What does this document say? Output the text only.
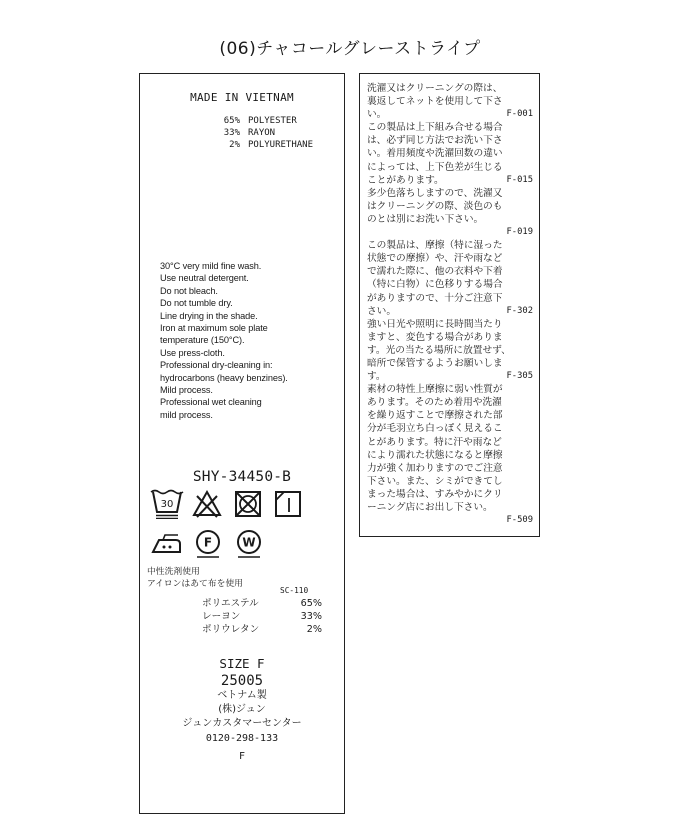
(06)チャコールグレーストライプ
MADE IN VIETNAM
65% POLYESTER
33% RAYON
2% POLYURETHANE
30°C very mild fine wash.
Use neutral detergent.
Do not bleach.
Do not tumble dry.
Line drying in the shade.
Iron at maximum sole plate
temperature (150°C).
Use press-cloth.
Professional dry-cleaning in:
hydrocarbons (heavy benzines).
Mild process.
Professional wet cleaning
mild process.
SHY-34450-B
30
F	W
中性洗剤使用
アイロンはあて布を使用
SC-110
ポリエステル	65%
レーヨン	33%
ポリウレタン	2%
SIZE F
25005
ベトナム製
(株)ジュン
ジュンカスタマーセンター
0120-298-133
F
洗濯又はクリーニングの際は、
裏返してネットを使用して下さ
い。	F-001
この製品は上下組み合せる場合
は、必ず同じ方法でお洗い下さ
い。着用頻度や洗濯回数の違い
によっては、上下色差が生じる
ことがあります。	F-015
多少色落ちしますので、洗濯又
はクリーニングの際、淡色のも
のとは別にお洗い下さい。
F-019
この製品は、摩擦（特に湿った
状態での摩擦）や、汗や雨など
で濡れた際に、他の衣料や下着
（特に白物）に色移りする場合
がありますので、十分ご注意下
さい。	F-302
強い日光や照明に長時間当たり
ますと、変色する場合がありま
す。光の当たる場所に放置せず、
暗所で保管するようお願いしま
す。	F-305
素材の特性上摩擦に弱い性質が
あります。そのため着用や洗濯
を繰り返すことで摩擦された部
分が毛羽立ち白っぽく見えるこ
とがあります。特に汗や雨など
により濡れた状態になると摩擦
力が強く加わりますのでご注意
下さい。また、シミができてし
まった場合は、すみやかにクリ
ーニング店にお出し下さい。
F-509
